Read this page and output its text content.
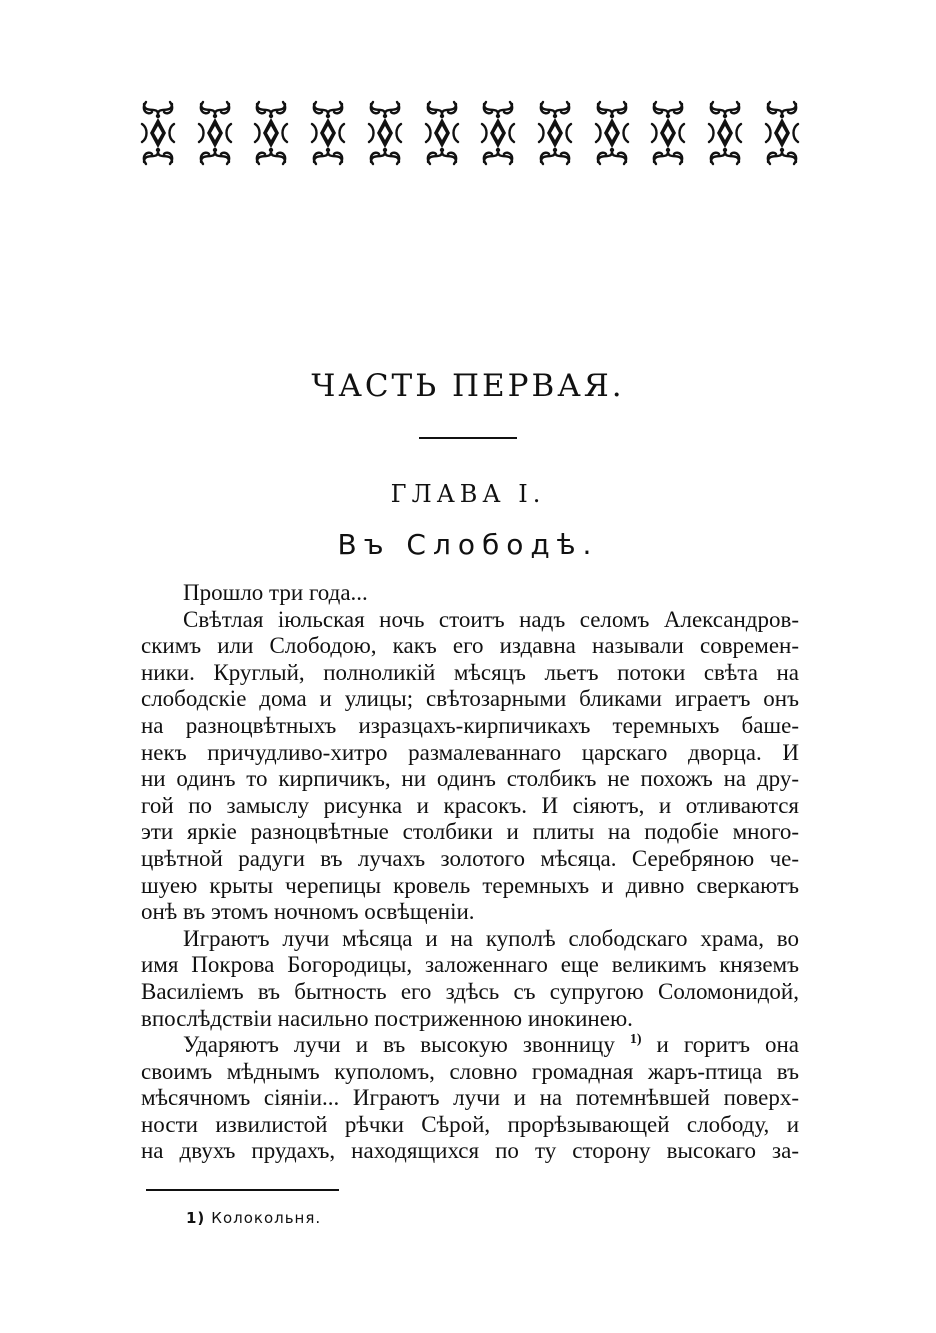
ЧАСТЬ ПЕРВАЯ.
ГЛАВА I.
Въ Слободѣ.
Прошло три года...
Свѣтлая іюльская ночь стоитъ надъ селомъ Александров-
скимъ или Слободою, какъ его издавна называли современ-
ники. Круглый, полноликій мѣсяцъ льетъ потоки свѣта на
слободскіе дома и улицы; свѣтозарными бликами играетъ онъ
на разноцвѣтныхъ изразцахъ-кирпичикахъ теремныхъ баше-
некъ причудливо-хитро размалеваннаго царскаго дворца. И
ни одинъ то кирпичикъ, ни одинъ столбикъ не похожъ на дру-
гой по замыслу рисунка и красокъ. И сіяютъ, и отливаются
эти яркіе разноцвѣтные столбики и плиты на подобіе много-
цвѣтной радуги въ лучахъ золотого мѣсяца. Серебряною че-
шуею крыты черепицы кровель теремныхъ и дивно сверкаютъ
онѣ въ этомъ ночномъ освѣщеніи.
Играютъ лучи мѣсяца и на куполѣ слободскаго храма, во
имя Покрова Богородицы, заложеннаго еще великимъ княземъ
Василіемъ въ бытность его здѣсь съ супругою Соломонидой,
впослѣдствіи насильно постриженною инокинею.
Ударяютъ лучи и въ высокую звонницу $^{1)}$ и горитъ она
своимъ мѣднымъ куполомъ, словно громадная жаръ-птица въ
мѣсячномъ сіяніи... Играютъ лучи и на потемнѣвшей поверх-
ности извилистой рѣчки Сѣрой, прорѣзывающей слободу, и
на двухъ прудахъ, находящихся по ту сторону высокаго за-
1) Колокольня.
